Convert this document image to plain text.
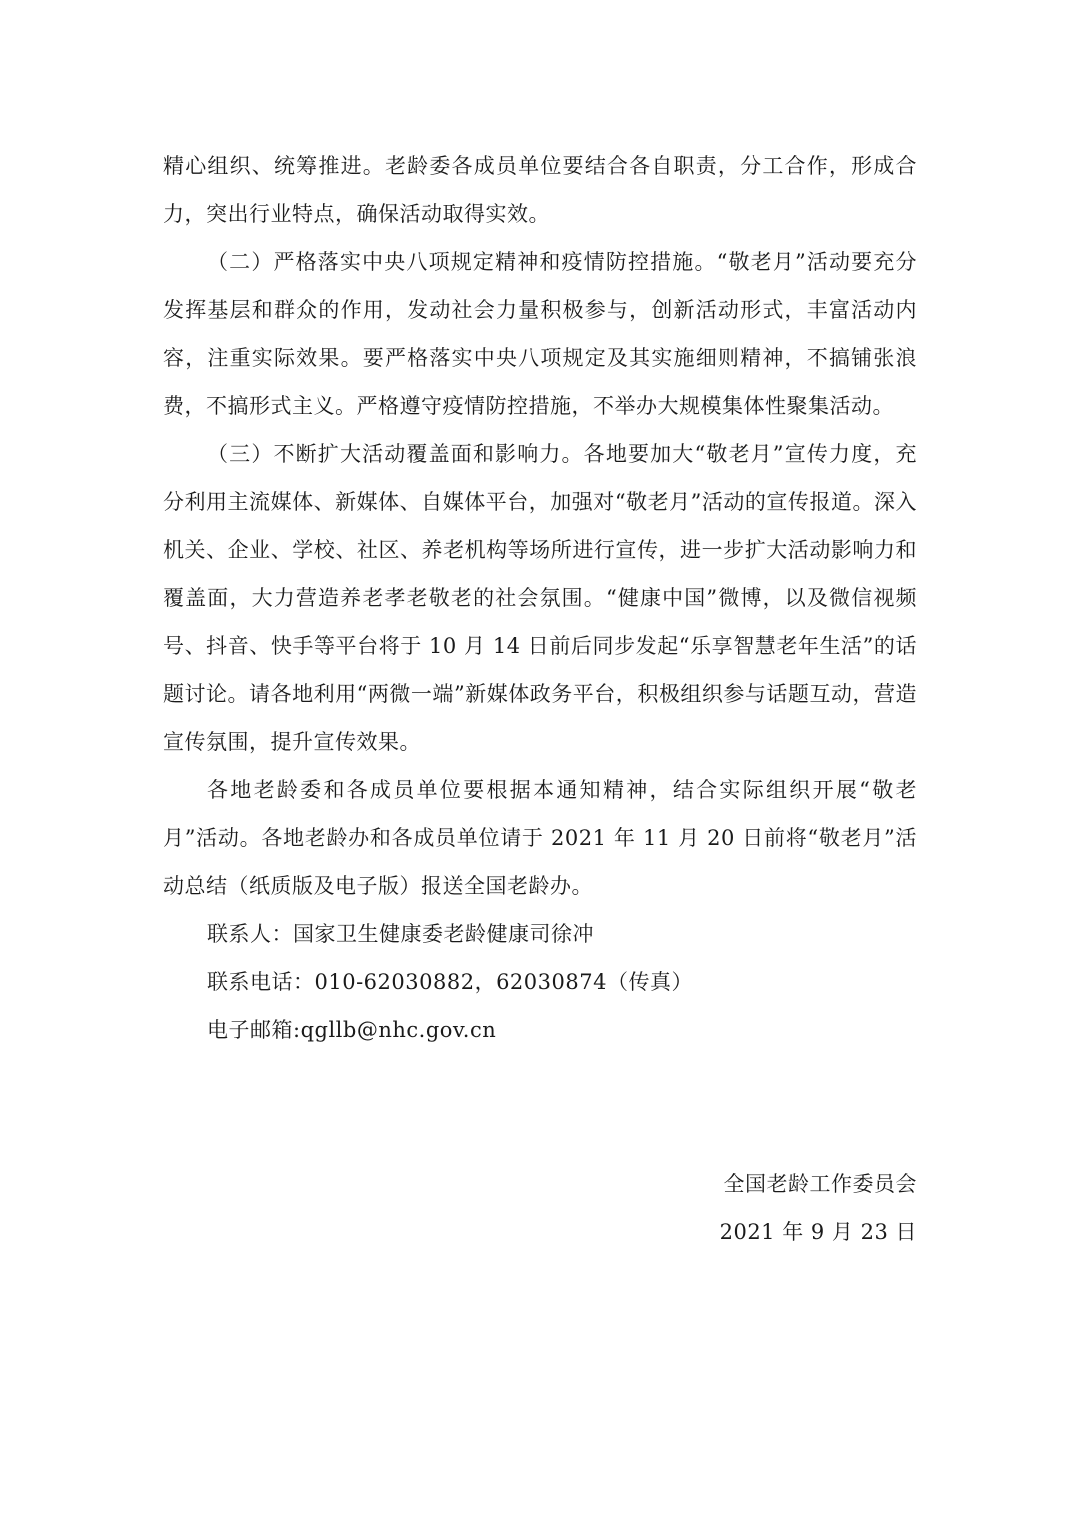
精心组织、统筹推进。老龄委各成员单位要结合各自职责，分工合作，形成合力，突出行业特点，确保活动取得实效。

（二）严格落实中央八项规定精神和疫情防控措施。“敬老月”活动要充分发挥基层和群众的作用，发动社会力量积极参与，创新活动形式，丰富活动内容，注重实际效果。要严格落实中央八项规定及其实施细则精神，不搞铺张浪费，不搞形式主义。严格遵守疫情防控措施，不举办大规模集体性聚集活动。

（三）不断扩大活动覆盖面和影响力。各地要加大“敬老月”宣传力度，充分利用主流媒体、新媒体、自媒体平台，加强对“敬老月”活动的宣传报道。深入机关、企业、学校、社区、养老机构等场所进行宣传，进一步扩大活动影响力和覆盖面，大力营造养老孝老敬老的社会氛围。“健康中国”微博，以及微信视频号、抖音、快手等平台将于 10 月 14 日前后同步发起“乐享智慧老年生活”的话题讨论。请各地利用“两微一端”新媒体政务平台，积极组织参与话题互动，营造宣传氛围，提升宣传效果。

各地老龄委和各成员单位要根据本通知精神，结合实际组织开展“敬老月”活动。各地老龄办和各成员单位请于 2021 年 11 月 20 日前将“敬老月”活动总结（纸质版及电子版）报送全国老龄办。

联系人：国家卫生健康委老龄健康司徐冲

联系电话：010-62030882，62030874（传真）

电子邮箱:qgllb@nhc.gov.cn

全国老龄工作委员会
2021 年 9 月 23 日
